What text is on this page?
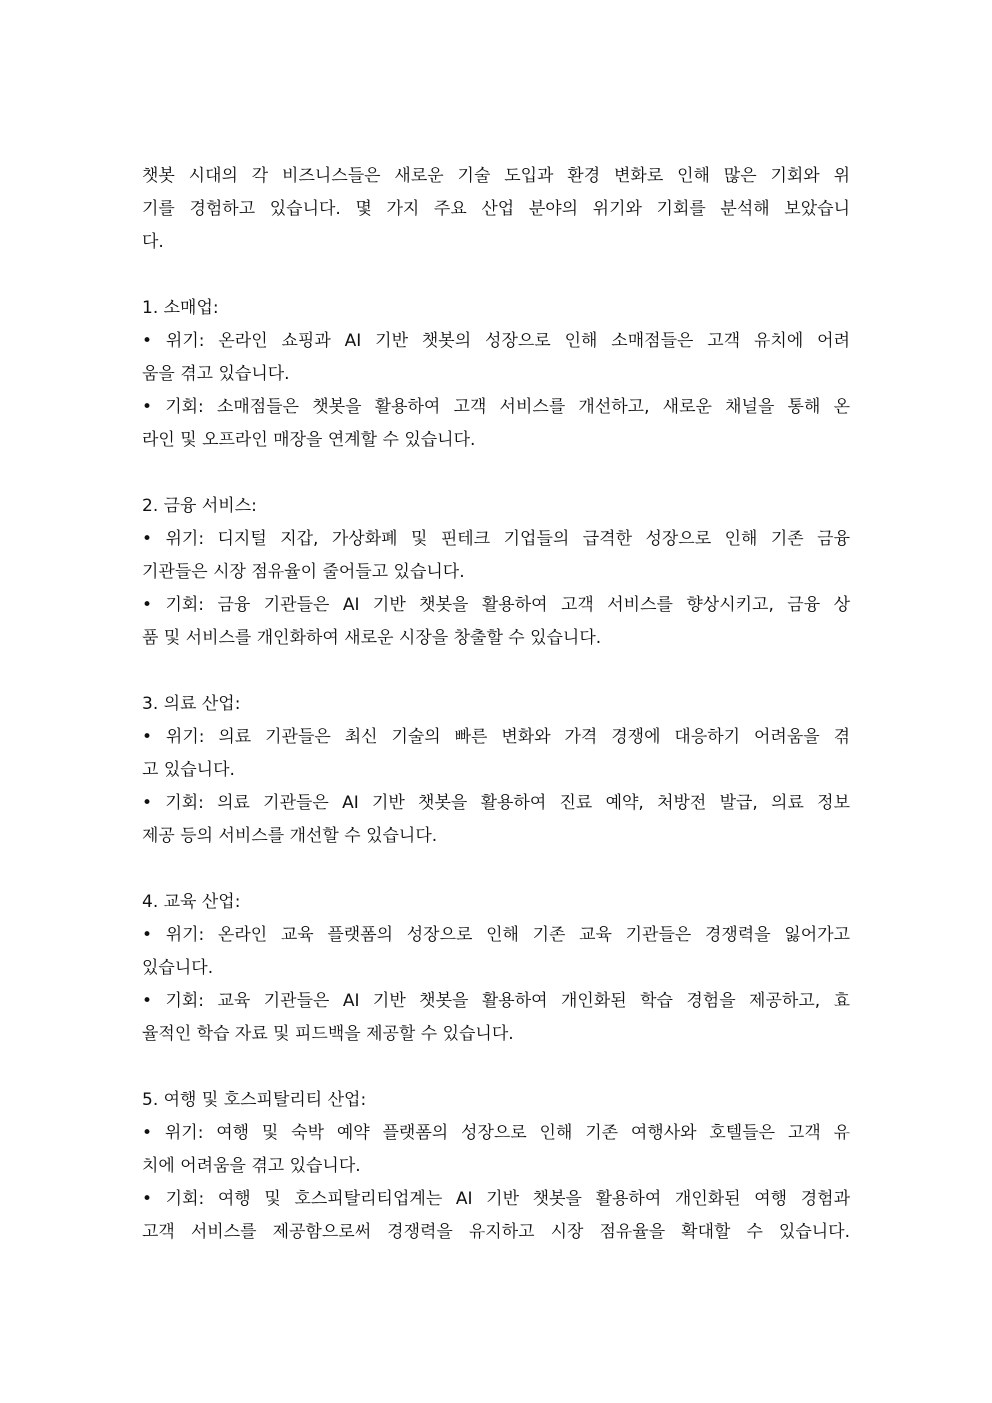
챗봇 시대의 각 비즈니스들은 새로운 기술 도입과 환경 변화로 인해 많은 기회와 위
기를 경험하고 있습니다. 몇 가지 주요 산업 분야의 위기와 기회를 분석해 보았습니
다.
1. 소매업:
• 위기: 온라인 쇼핑과 AI 기반 챗봇의 성장으로 인해 소매점들은 고객 유치에 어려
움을 겪고 있습니다.
• 기회: 소매점들은 챗봇을 활용하여 고객 서비스를 개선하고, 새로운 채널을 통해 온
라인 및 오프라인 매장을 연계할 수 있습니다.
2. 금융 서비스:
• 위기: 디지털 지갑, 가상화폐 및 핀테크 기업들의 급격한 성장으로 인해 기존 금융
기관들은 시장 점유율이 줄어들고 있습니다.
• 기회: 금융 기관들은 AI 기반 챗봇을 활용하여 고객 서비스를 향상시키고, 금융 상
품 및 서비스를 개인화하여 새로운 시장을 창출할 수 있습니다.
3. 의료 산업:
• 위기: 의료 기관들은 최신 기술의 빠른 변화와 가격 경쟁에 대응하기 어려움을 겪
고 있습니다.
• 기회: 의료 기관들은 AI 기반 챗봇을 활용하여 진료 예약, 처방전 발급, 의료 정보
제공 등의 서비스를 개선할 수 있습니다.
4. 교육 산업:
• 위기: 온라인 교육 플랫폼의 성장으로 인해 기존 교육 기관들은 경쟁력을 잃어가고
있습니다.
• 기회: 교육 기관들은 AI 기반 챗봇을 활용하여 개인화된 학습 경험을 제공하고, 효
율적인 학습 자료 및 피드백을 제공할 수 있습니다.
5. 여행 및 호스피탈리티 산업:
• 위기: 여행 및 숙박 예약 플랫폼의 성장으로 인해 기존 여행사와 호텔들은 고객 유
치에 어려움을 겪고 있습니다.
• 기회: 여행 및 호스피탈리티업계는 AI 기반 챗봇을 활용하여 개인화된 여행 경험과
고객 서비스를 제공함으로써 경쟁력을 유지하고 시장 점유율을 확대할 수 있습니다.
